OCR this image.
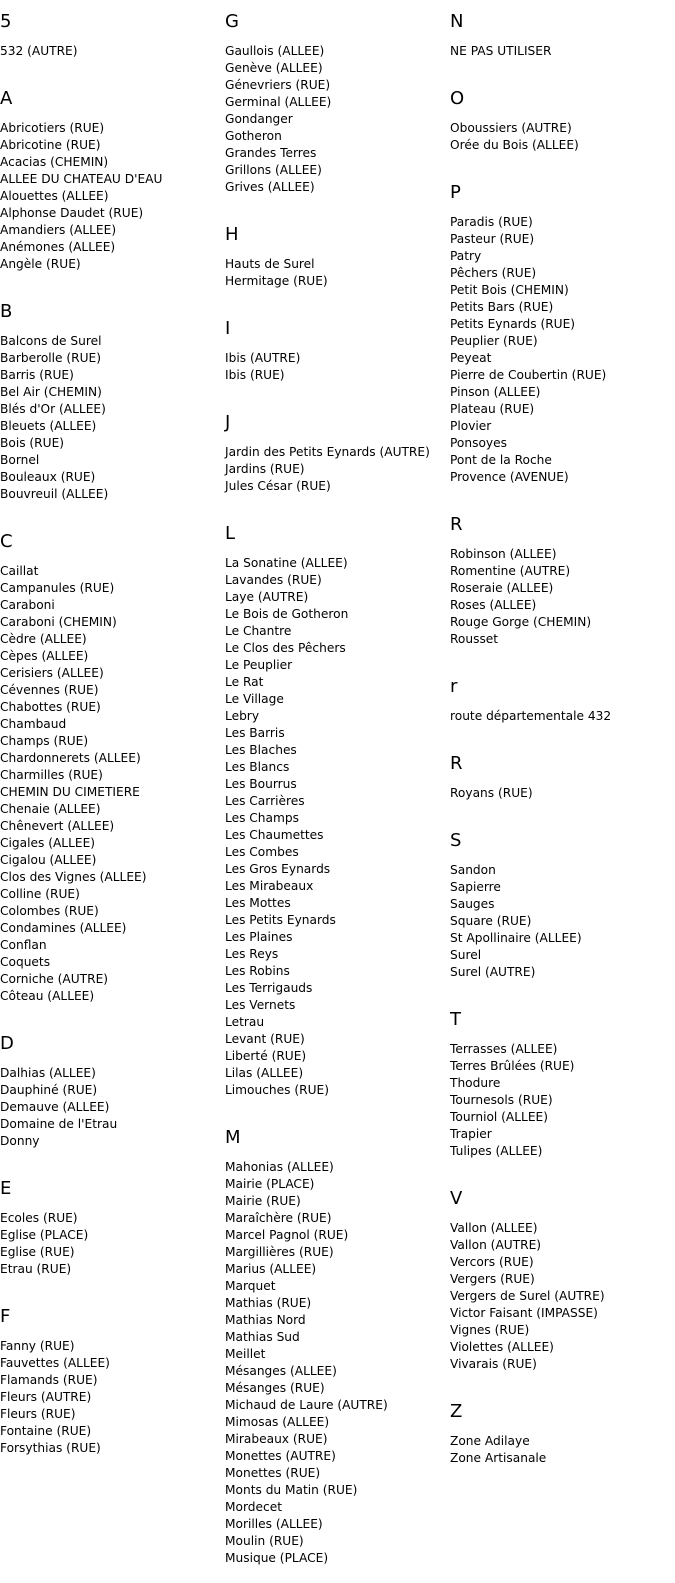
5
532 (AUTRE)
A
Abricotiers (RUE)
Abricotine (RUE)
Acacias (CHEMIN)
ALLEE DU CHATEAU D'EAU
Alouettes (ALLEE)
Alphonse Daudet (RUE)
Amandiers (ALLEE)
Anémones (ALLEE)
Angèle (RUE)
B
Balcons de Surel
Barberolle (RUE)
Barris (RUE)
Bel Air (CHEMIN)
Blés d'Or (ALLEE)
Bleuets (ALLEE)
Bois (RUE)
Bornel
Bouleaux (RUE)
Bouvreuil (ALLEE)
C
Caillat
Campanules (RUE)
Caraboni
Caraboni (CHEMIN)
Cèdre (ALLEE)
Cèpes (ALLEE)
Cerisiers (ALLEE)
Cévennes (RUE)
Chabottes (RUE)
Chambaud
Champs (RUE)
Chardonnerets (ALLEE)
Charmilles (RUE)
CHEMIN DU CIMETIERE
Chenaie (ALLEE)
Chênevert (ALLEE)
Cigales (ALLEE)
Cigalou (ALLEE)
Clos des Vignes (ALLEE)
Colline (RUE)
Colombes (RUE)
Condamines (ALLEE)
Conflan
Coquets
Corniche (AUTRE)
Côteau (ALLEE)
D
Dalhias (ALLEE)
Dauphiné (RUE)
Demauve (ALLEE)
Domaine de l'Etrau
Donny
E
Ecoles (RUE)
Eglise (PLACE)
Eglise (RUE)
Etrau (RUE)
F
Fanny (RUE)
Fauvettes (ALLEE)
Flamands (RUE)
Fleurs (AUTRE)
Fleurs (RUE)
Fontaine (RUE)
Forsythias (RUE)
G
Gaullois (ALLEE)
Genève (ALLEE)
Génevriers (RUE)
Germinal (ALLEE)
Gondanger
Gotheron
Grandes Terres
Grillons (ALLEE)
Grives (ALLEE)
H
Hauts de Surel
Hermitage (RUE)
I
Ibis (AUTRE)
Ibis (RUE)
J
Jardin des Petits Eynards (AUTRE)
Jardins (RUE)
Jules César (RUE)
L
La Sonatine (ALLEE)
Lavandes (RUE)
Laye (AUTRE)
Le Bois de Gotheron
Le Chantre
Le Clos des Pêchers
Le Peuplier
Le Rat
Le Village
Lebry
Les Barris
Les Blaches
Les Blancs
Les Bourrus
Les Carrières
Les Champs
Les Chaumettes
Les Combes
Les Gros Eynards
Les Mirabeaux
Les Mottes
Les Petits Eynards
Les Plaines
Les Reys
Les Robins
Les Terrigauds
Les Vernets
Letrau
Levant (RUE)
Liberté (RUE)
Lilas (ALLEE)
Limouches (RUE)
M
Mahonias (ALLEE)
Mairie (PLACE)
Mairie (RUE)
Maraîchère (RUE)
Marcel Pagnol (RUE)
Margillières (RUE)
Marius (ALLEE)
Marquet
Mathias (RUE)
Mathias Nord
Mathias Sud
Meillet
Mésanges (ALLEE)
Mésanges (RUE)
Michaud de Laure (AUTRE)
Mimosas (ALLEE)
Mirabeaux (RUE)
Monettes (AUTRE)
Monettes (RUE)
Monts du Matin (RUE)
Mordecet
Morilles (ALLEE)
Moulin (RUE)
Musique (PLACE)
N
NE PAS UTILISER
O
Oboussiers (AUTRE)
Orée du Bois (ALLEE)
P
Paradis (RUE)
Pasteur (RUE)
Patry
Pêchers (RUE)
Petit Bois (CHEMIN)
Petits Bars (RUE)
Petits Eynards (RUE)
Peuplier (RUE)
Peyeat
Pierre de Coubertin (RUE)
Pinson (ALLEE)
Plateau (RUE)
Plovier
Ponsoyes
Pont de la Roche
Provence (AVENUE)
R
Robinson (ALLEE)
Romentine (AUTRE)
Roseraie (ALLEE)
Roses (ALLEE)
Rouge Gorge (CHEMIN)
Rousset
r
route départementale 432
R
Royans (RUE)
S
Sandon
Sapierre
Sauges
Square (RUE)
St Apollinaire (ALLEE)
Surel
Surel (AUTRE)
T
Terrasses (ALLEE)
Terres Brûlées (RUE)
Thodure
Tournesols (RUE)
Tourniol (ALLEE)
Trapier
Tulipes (ALLEE)
V
Vallon (ALLEE)
Vallon (AUTRE)
Vercors (RUE)
Vergers (RUE)
Vergers de Surel (AUTRE)
Victor Faisant (IMPASSE)
Vignes (RUE)
Violettes (ALLEE)
Vivarais (RUE)
Z
Zone Adilaye
Zone Artisanale
